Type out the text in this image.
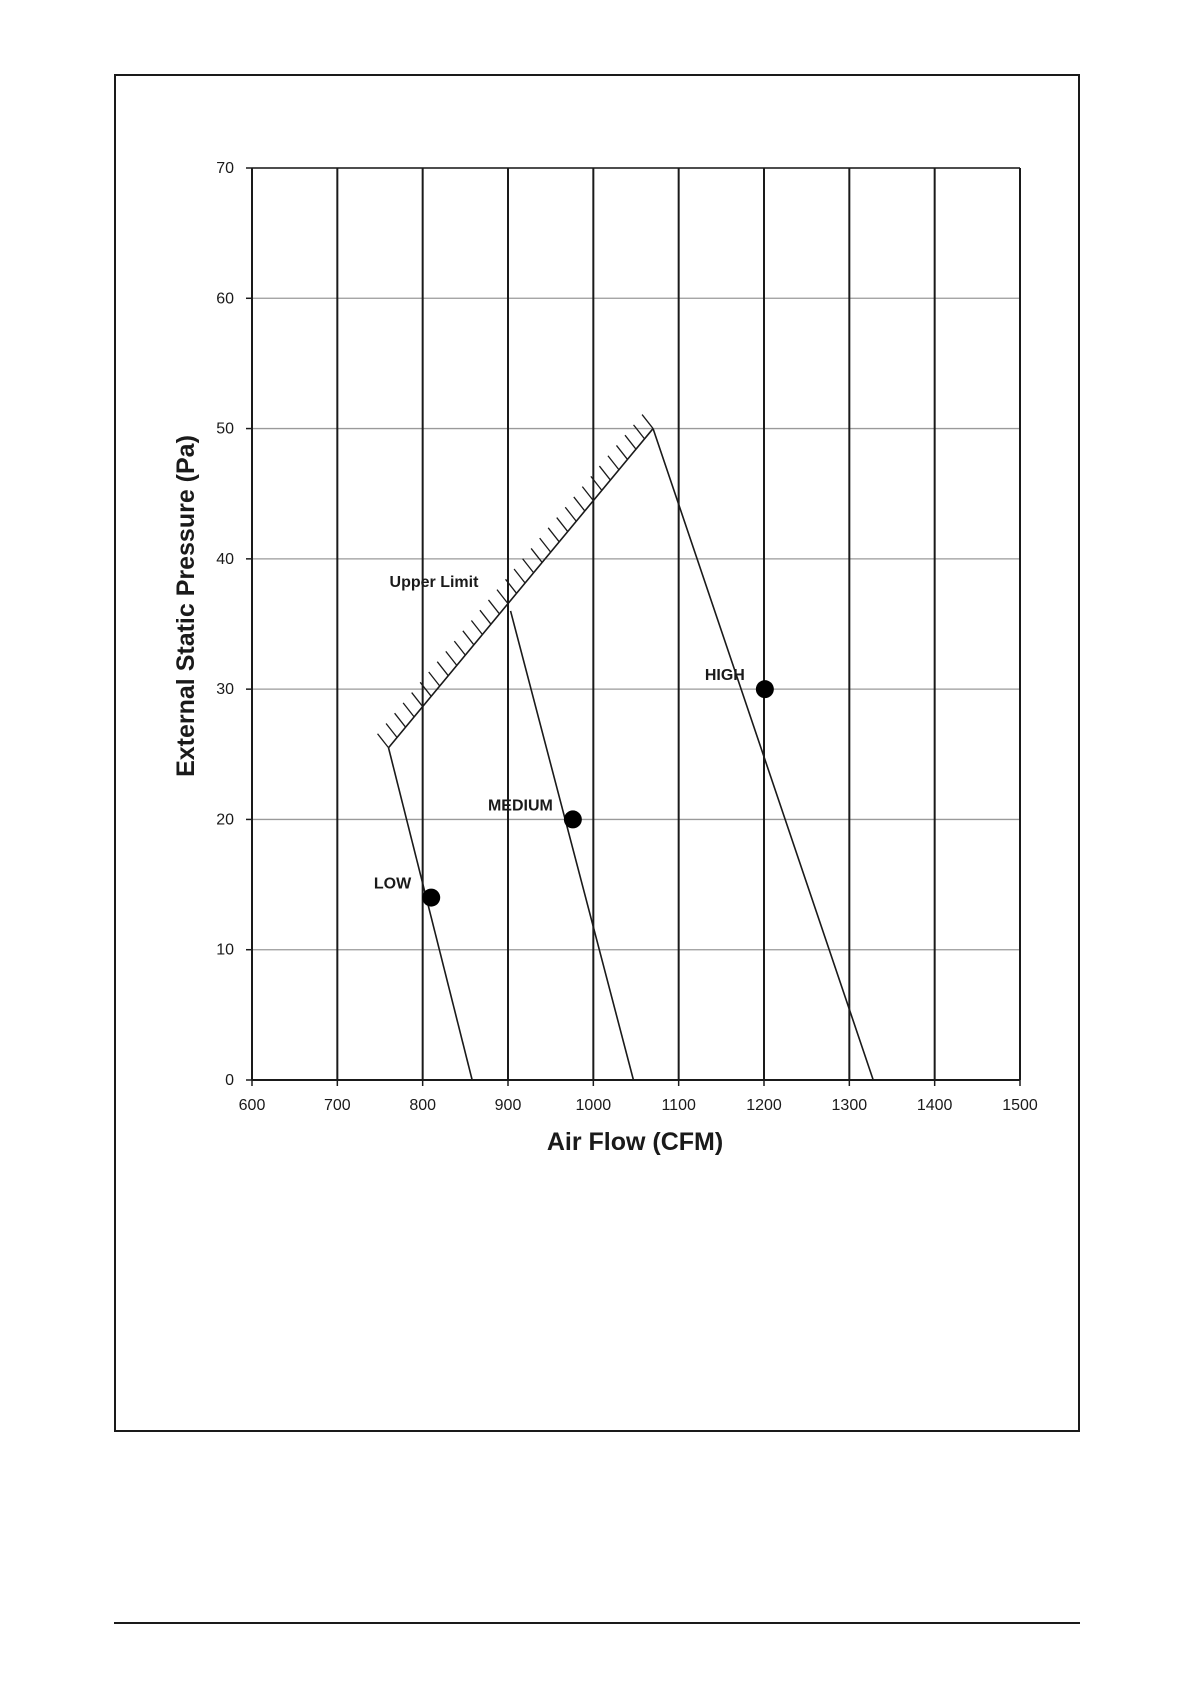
0
10
20
30
40
50
60
70
600	700	800	900	1000	1100	1200	1300	1400	1500
Upper Limit
LOW
MEDIUM
HIGH
Air Flow (CFM)
External Static Pressure (Pa)
